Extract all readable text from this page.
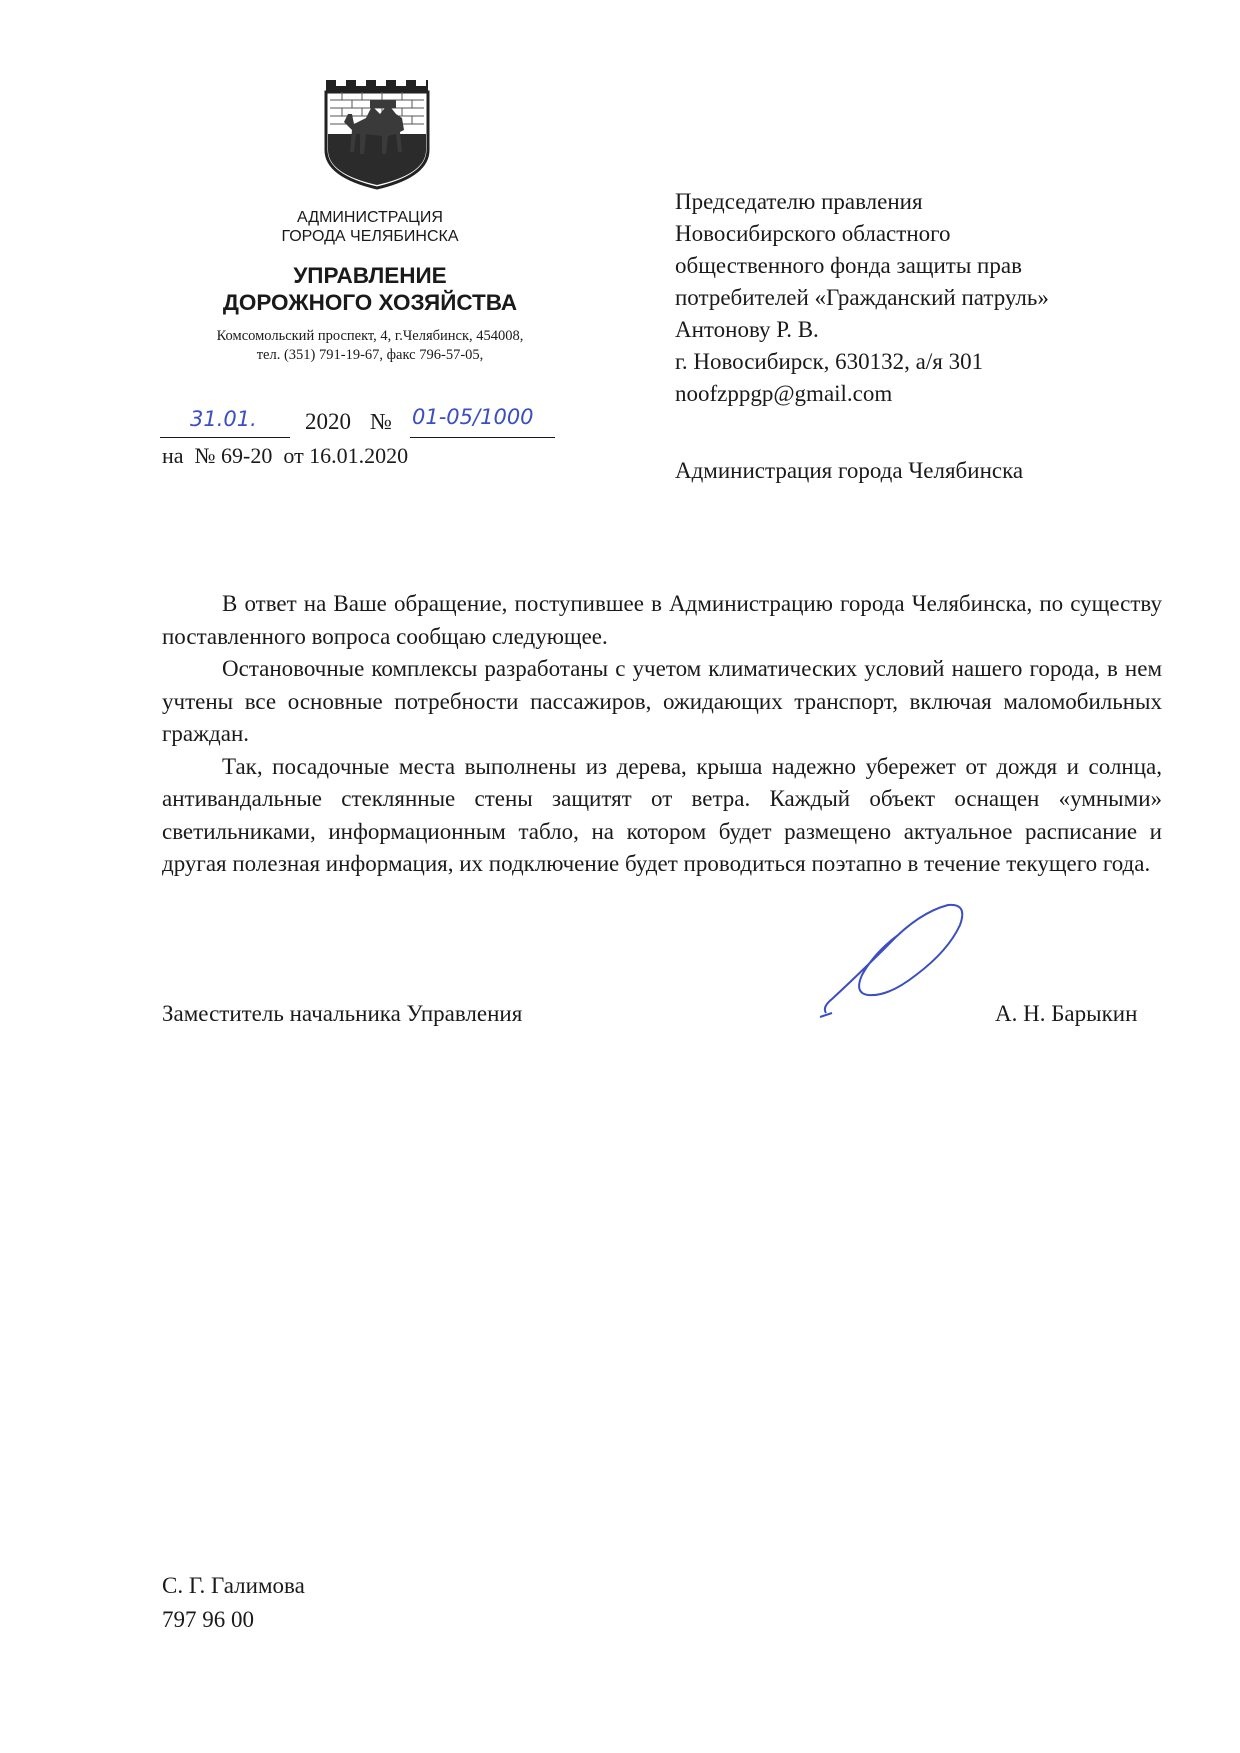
АДМИНИСТРАЦИЯ
ГОРОДА ЧЕЛЯБИНСКА
УПРАВЛЕНИЕ
ДОРОЖНОГО ХОЗЯЙСТВА
Комсомольский проспект, 4, г.Челябинск, 454008,
тел. (351) 791-19-67, факс 796-57-05,
31.01. 2020 № 01-05/1000
на  № 69-20  от 16.01.2020
Председателю правления
Новосибирского областного
общественного фонда защиты прав
потребителей «Гражданский патруль»
Антонову Р. В.
г. Новосибирск, 630132, а/я 301
noofzppgp@gmail.com
Администрация города Челябинска

В ответ на Ваше обращение, поступившее в Администрацию города Челябинска, по существу поставленного вопроса сообщаю следующее.

Остановочные комплексы разработаны с учетом климатических условий нашего города, в нем учтены все основные потребности пассажиров, ожидающих транспорт, включая маломобильных граждан.

Так, посадочные места выполнены из дерева, крыша надежно убережет от дождя и солнца, антивандальные стеклянные стены защитят от ветра. Каждый объект оснащен «умными» светильниками, информационным табло, на котором будет размещено актуальное расписание и другая полезная информация, их подключение будет проводиться поэтапно в течение текущего года.

Заместитель начальника Управления	А. Н. Барыкин
С. Г. Галимова
797 96 00
